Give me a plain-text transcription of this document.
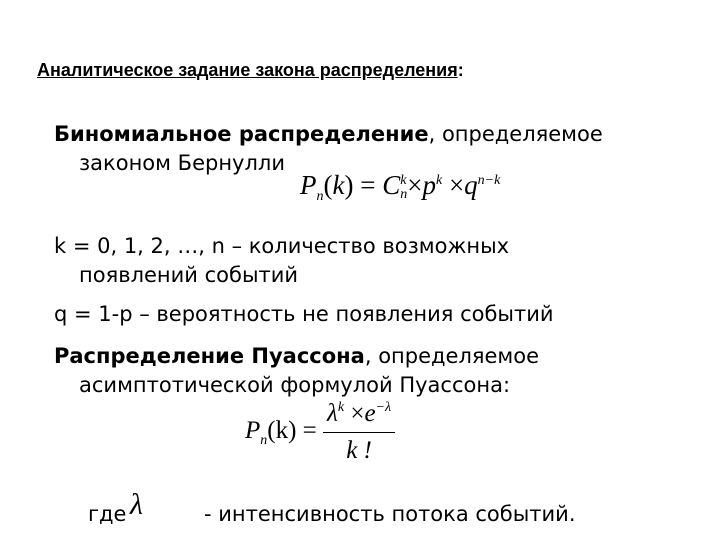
Аналитическое задание закона распределения:
Биномиальное распределение, определяемое
законом Бернулли
$P_n(k) = C$ k
$n \times p^k \times q^{n-k}$
k = 0, 1, 2, …, n – количество возможных
появлений событий
q = 1-p – вероятность не появления событий
Распределение Пуассона, определяемое
асимптотической формулой Пуассона:
$P_n(k) = \frac{\lambda^k \times e^{-\lambda}}{k !}$
где λ	- интенсивность потока событий.
